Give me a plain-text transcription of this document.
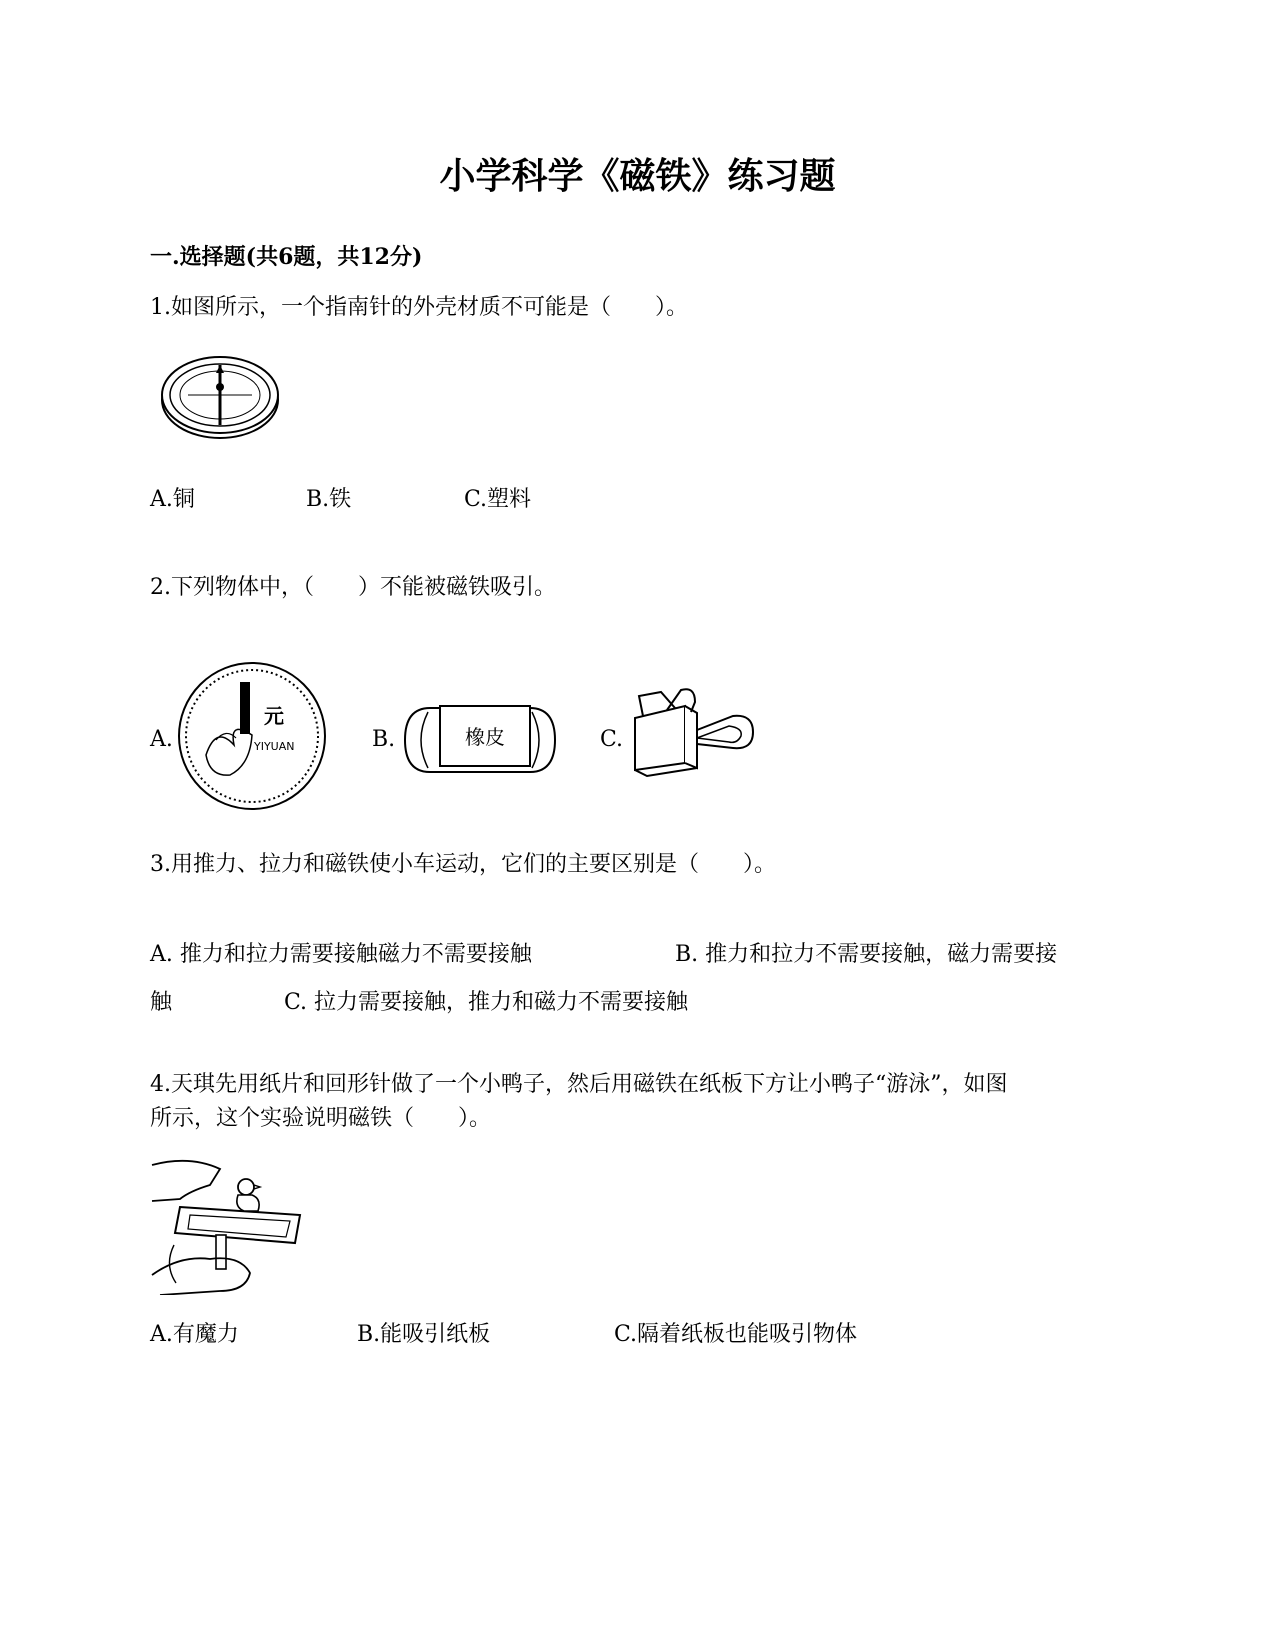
小学科学《磁铁》练习题
一.选择题(共6题，共12分)
1.如图所示，一个指南针的外壳材质不可能是（　　）。
A.铜	B.铁	C.塑料
2.下列物体中，（　　）不能被磁铁吸引。
A.
元
YIYUAN
1	B.	橡皮	C.
3.用推力、拉力和磁铁使小车运动，它们的主要区别是（　　）。
A. 推力和拉力需要接触磁力不需要接触	B. 推力和拉力不需要接触，磁力需要接
触	C. 拉力需要接触，推力和磁力不需要接触
4.天琪先用纸片和回形针做了一个小鸭子，然后用磁铁在纸板下方让小鸭子“游泳”，如图
所示，这个实验说明磁铁（　　）。
A.有魔力	B.能吸引纸板	C.隔着纸板也能吸引物体
